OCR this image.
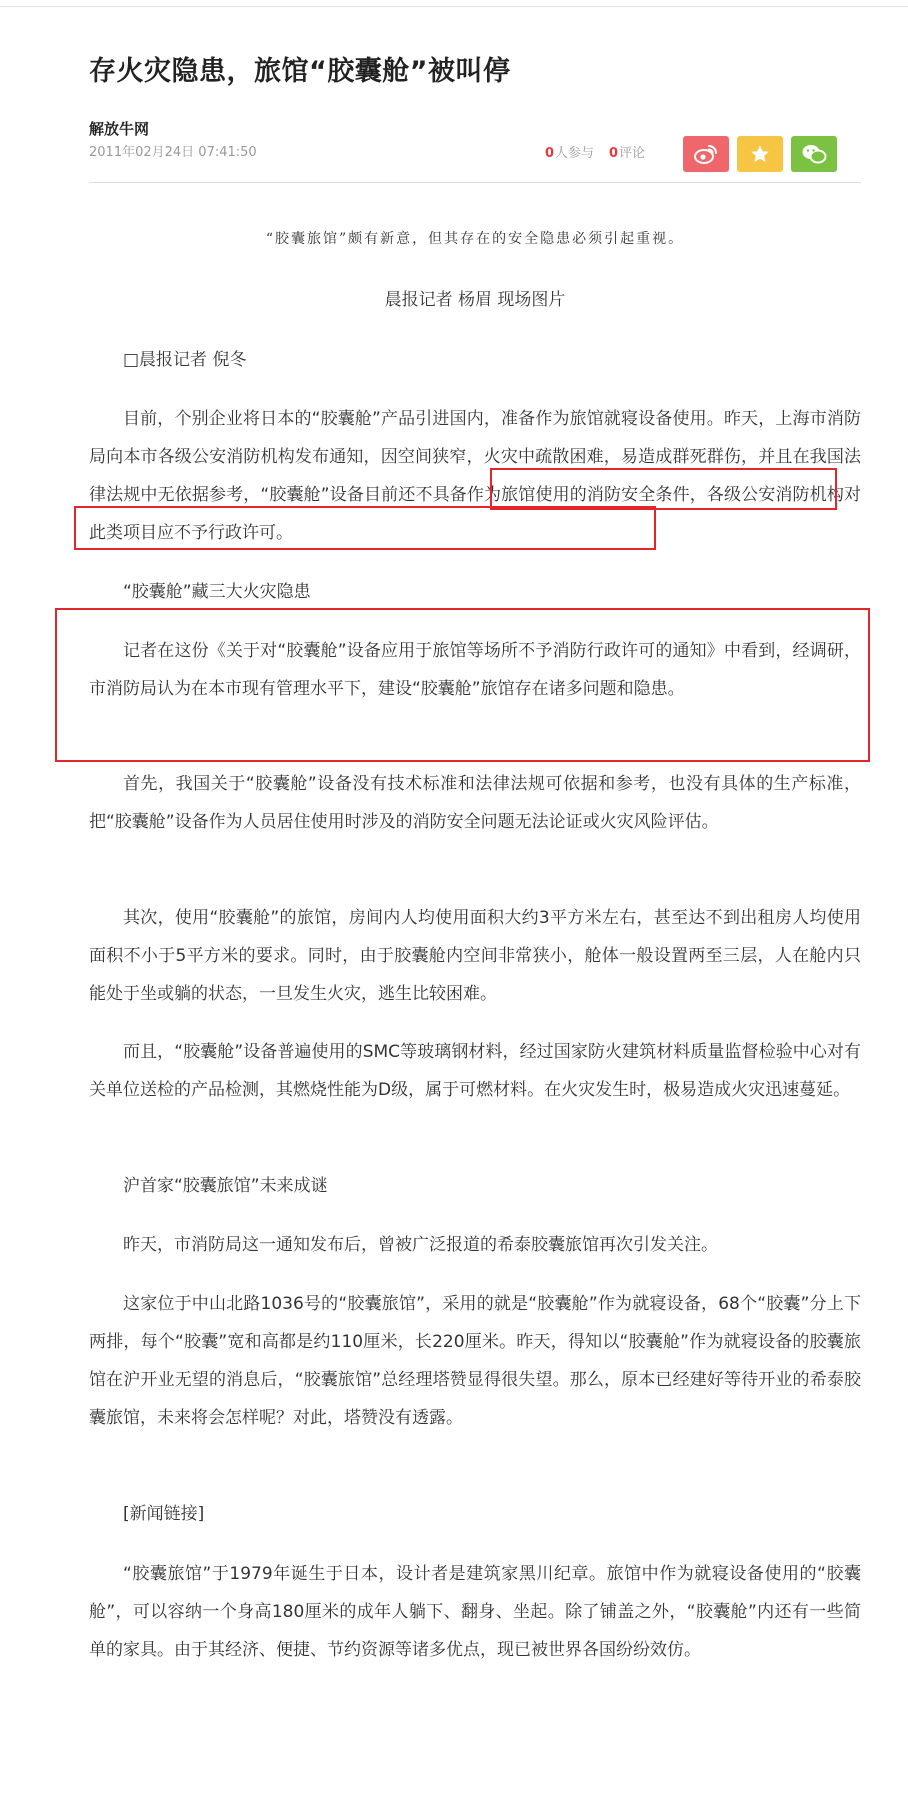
存火灾隐患，旅馆“胶囊舱”被叫停
解放牛网
2011年02月24日 07:41:50	0人参与 0评论
“胶囊旅馆”颇有新意，但其存在的安全隐患必须引起重视。
晨报记者 杨眉 现场图片

□晨报记者 倪冬

目前，个别企业将日本的“胶囊舱”产品引进国内，准备作为旅馆就寝设备使用。昨天，上海市消防局向本市各级公安消防机构发布通知，因空间狭窄，火灾中疏散困难，易造成群死群伤，并且在我国法律法规中无依据参考，“胶囊舱”设备目前还不具备作为旅馆使用的消防安全条件，各级公安消防机构对此类项目应不予行政许可。

“胶囊舱”藏三大火灾隐患

记者在这份《关于对“胶囊舱”设备应用于旅馆等场所不予消防行政许可的通知》中看到，经调研，市消防局认为在本市现有管理水平下，建设“胶囊舱”旅馆存在诸多问题和隐患。

首先，我国关于“胶囊舱”设备没有技术标准和法律法规可依据和参考，也没有具体的生产标准，把“胶囊舱”设备作为人员居住使用时涉及的消防安全问题无法论证或火灾风险评估。

其次，使用“胶囊舱”的旅馆，房间内人均使用面积大约3平方米左右，甚至达不到出租房人均使用面积不小于5平方米的要求。同时，由于胶囊舱内空间非常狭小，舱体一般设置两至三层，人在舱内只能处于坐或躺的状态，一旦发生火灾，逃生比较困难。

而且，“胶囊舱”设备普遍使用的SMC等玻璃钢材料，经过国家防火建筑材料质量监督检验中心对有关单位送检的产品检测，其燃烧性能为D级，属于可燃材料。在火灾发生时，极易造成火灾迅速蔓延。

沪首家“胶囊旅馆”未来成谜

昨天，市消防局这一通知发布后，曾被广泛报道的希泰胶囊旅馆再次引发关注。

这家位于中山北路1036号的“胶囊旅馆”，采用的就是“胶囊舱”作为就寝设备，68个“胶囊”分上下两排，每个“胶囊”宽和高都是约110厘米，长220厘米。昨天，得知以“胶囊舱”作为就寝设备的胶囊旅馆在沪开业无望的消息后，“胶囊旅馆”总经理塔赞显得很失望。那么，原本已经建好等待开业的希泰胶囊旅馆，未来将会怎样呢？对此，塔赞没有透露。

[新闻链接]

“胶囊旅馆”于1979年诞生于日本，设计者是建筑家黑川纪章。旅馆中作为就寝设备使用的“胶囊舱”，可以容纳一个身高180厘米的成年人躺下、翻身、坐起。除了铺盖之外，“胶囊舱”内还有一些简单的家具。由于其经济、便捷、节约资源等诸多优点，现已被世界各国纷纷效仿。
